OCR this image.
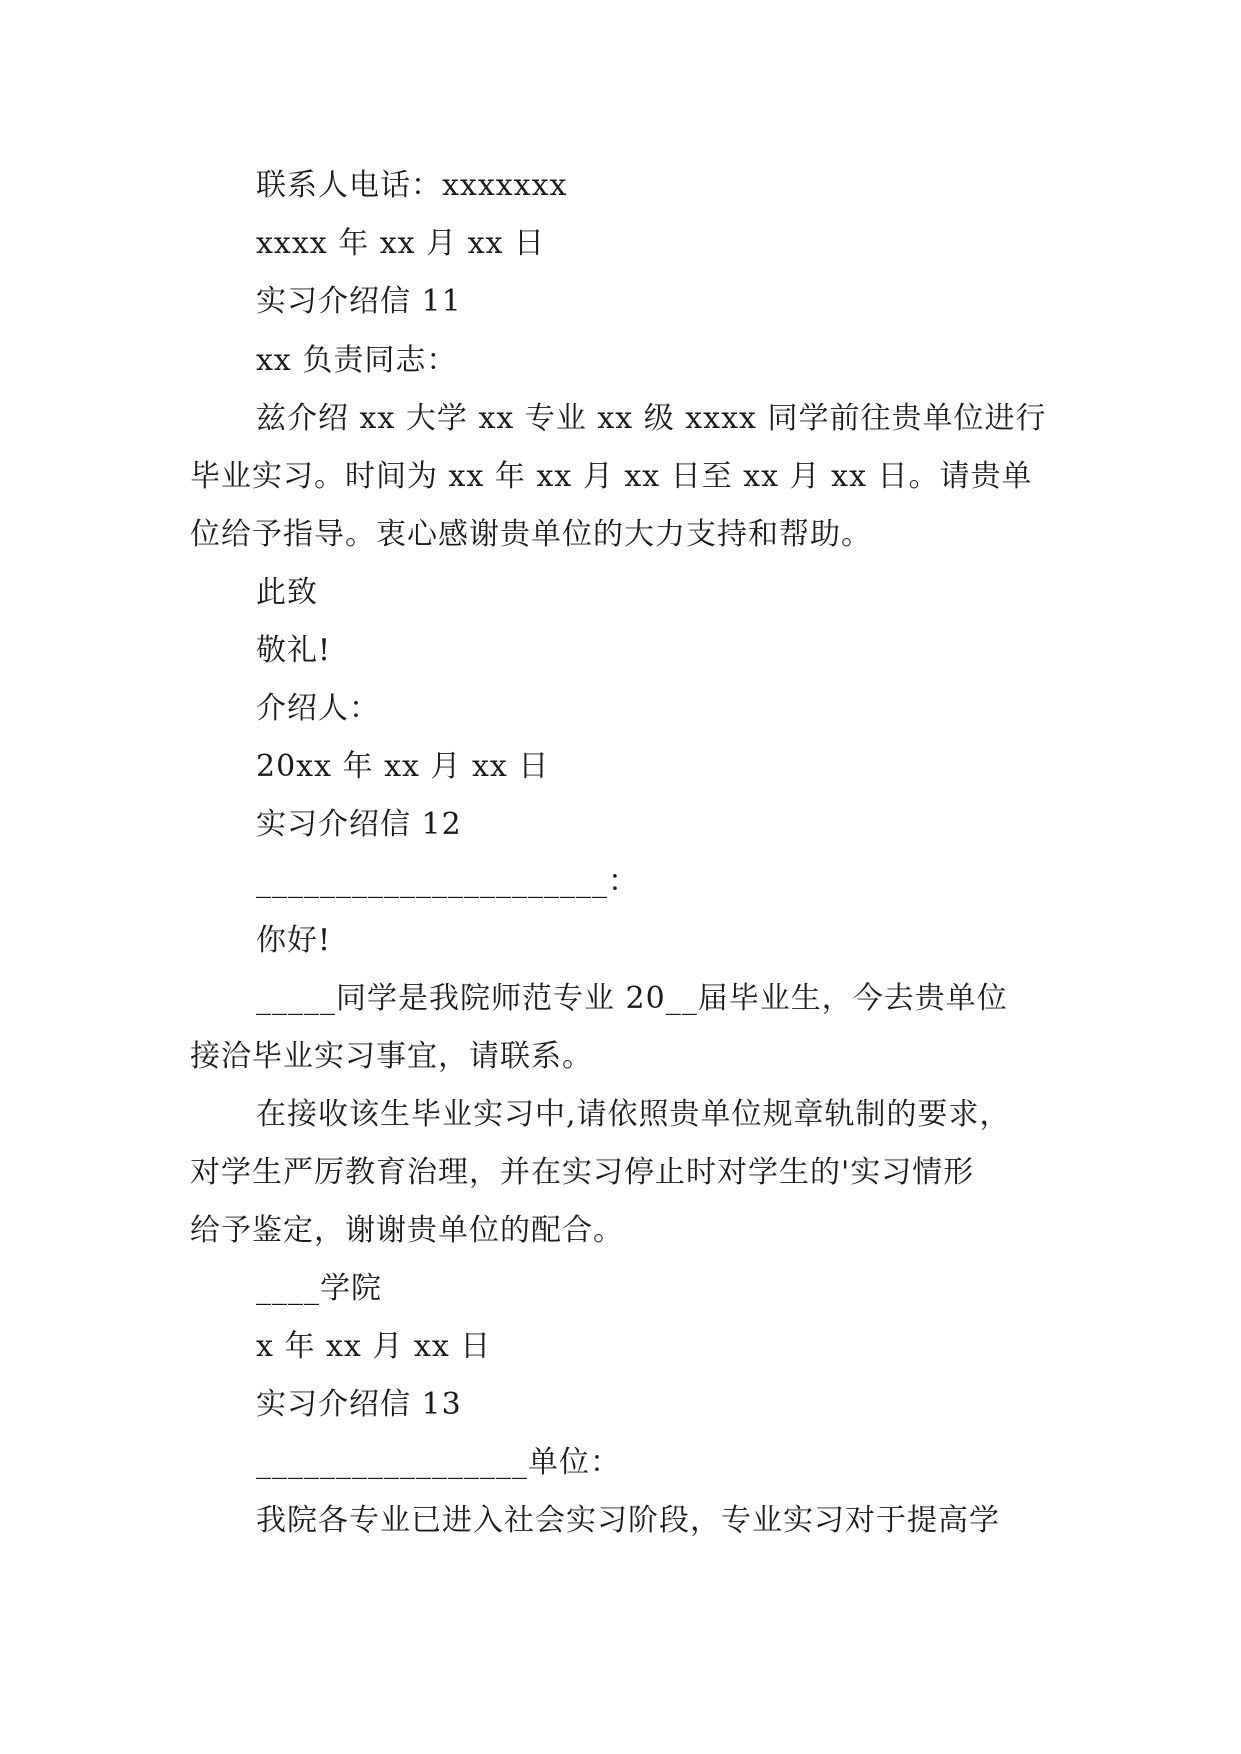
联系人电话：xxxxxxx
xxxx 年 xx 月 xx 日
实习介绍信 11
xx 负责同志：
兹介绍 xx 大学 xx 专业 xx 级 xxxx 同学前往贵单位进行
毕业实习。时间为 xx 年 xx 月 xx 日至 xx 月 xx 日。请贵单
位给予指导。衷心感谢贵单位的大力支持和帮助。
此致
敬礼!
介绍人：
20xx 年 xx 月 xx 日
实习介绍信 12
______________________：
你好!
_____同学是我院师范专业 20__届毕业生，今去贵单位
接洽毕业实习事宜，请联系。
在接收该生毕业实习中,请依照贵单位规章轨制的要求，
对学生严厉教育治理，并在实习停止时对学生的'实习情形
给予鉴定，谢谢贵单位的配合。
____学院
x 年 xx 月 xx 日
实习介绍信 13
_________________单位：
我院各专业已进入社会实习阶段，专业实习对于提高学
